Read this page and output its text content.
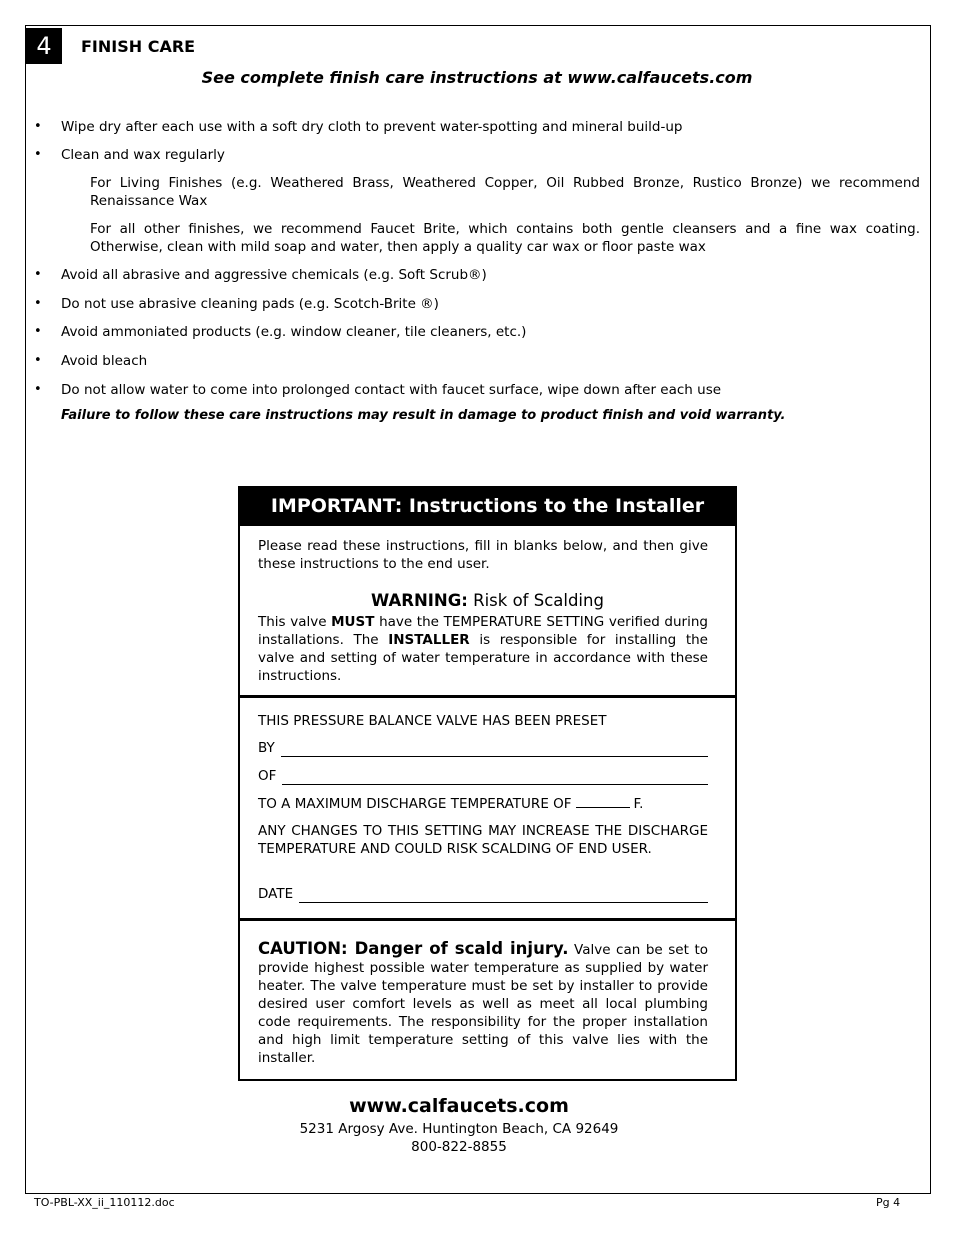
4	FINISH CARE
See complete finish care instructions at www.calfaucets.com
• Wipe dry after each use with a soft dry cloth to prevent water-spotting and mineral build-up
• Clean and wax regularly
For Living Finishes (e.g. Weathered Brass, Weathered Copper, Oil Rubbed Bronze, Rustico Bronze) we recommend Renaissance Wax
For all other finishes, we recommend Faucet Brite, which contains both gentle cleansers and a fine wax coating. Otherwise, clean with mild soap and water, then apply a quality car wax or floor paste wax
• Avoid all abrasive and aggressive chemicals (e.g. Soft Scrub®)
• Do not use abrasive cleaning pads (e.g. Scotch-Brite ®)
• Avoid ammoniated products (e.g. window cleaner, tile cleaners, etc.)
• Avoid bleach
• Do not allow water to come into prolonged contact with faucet surface, wipe down after each use
Failure to follow these care instructions may result in damage to product finish and void warranty.
IMPORTANT: Instructions to the Installer
Please read these instructions, fill in blanks below, and then give these instructions to the end user.
WARNING: Risk of Scalding
This valve MUST have the TEMPERATURE SETTING verified during installations. The INSTALLER is responsible for installing the valve and setting of water temperature in accordance with these instructions.
THIS PRESSURE BALANCE VALVE HAS BEEN PRESET
BY
OF
TO A MAXIMUM DISCHARGE TEMPERATURE OF	F.
ANY CHANGES TO THIS SETTING MAY INCREASE THE DISCHARGE TEMPERATURE AND COULD RISK SCALDING OF END USER.
DATE
CAUTION: Danger of scald injury. Valve can be set to provide highest possible water temperature as supplied by water heater. The valve temperature must be set by installer to provide desired user comfort levels as well as meet all local plumbing code requirements. The responsibility for the proper installation and high limit temperature setting of this valve lies with the installer.
www.calfaucets.com
5231 Argosy Ave. Huntington Beach, CA 92649
800-822-8855
TO-PBL-XX_ii_110112.doc	Pg 4
